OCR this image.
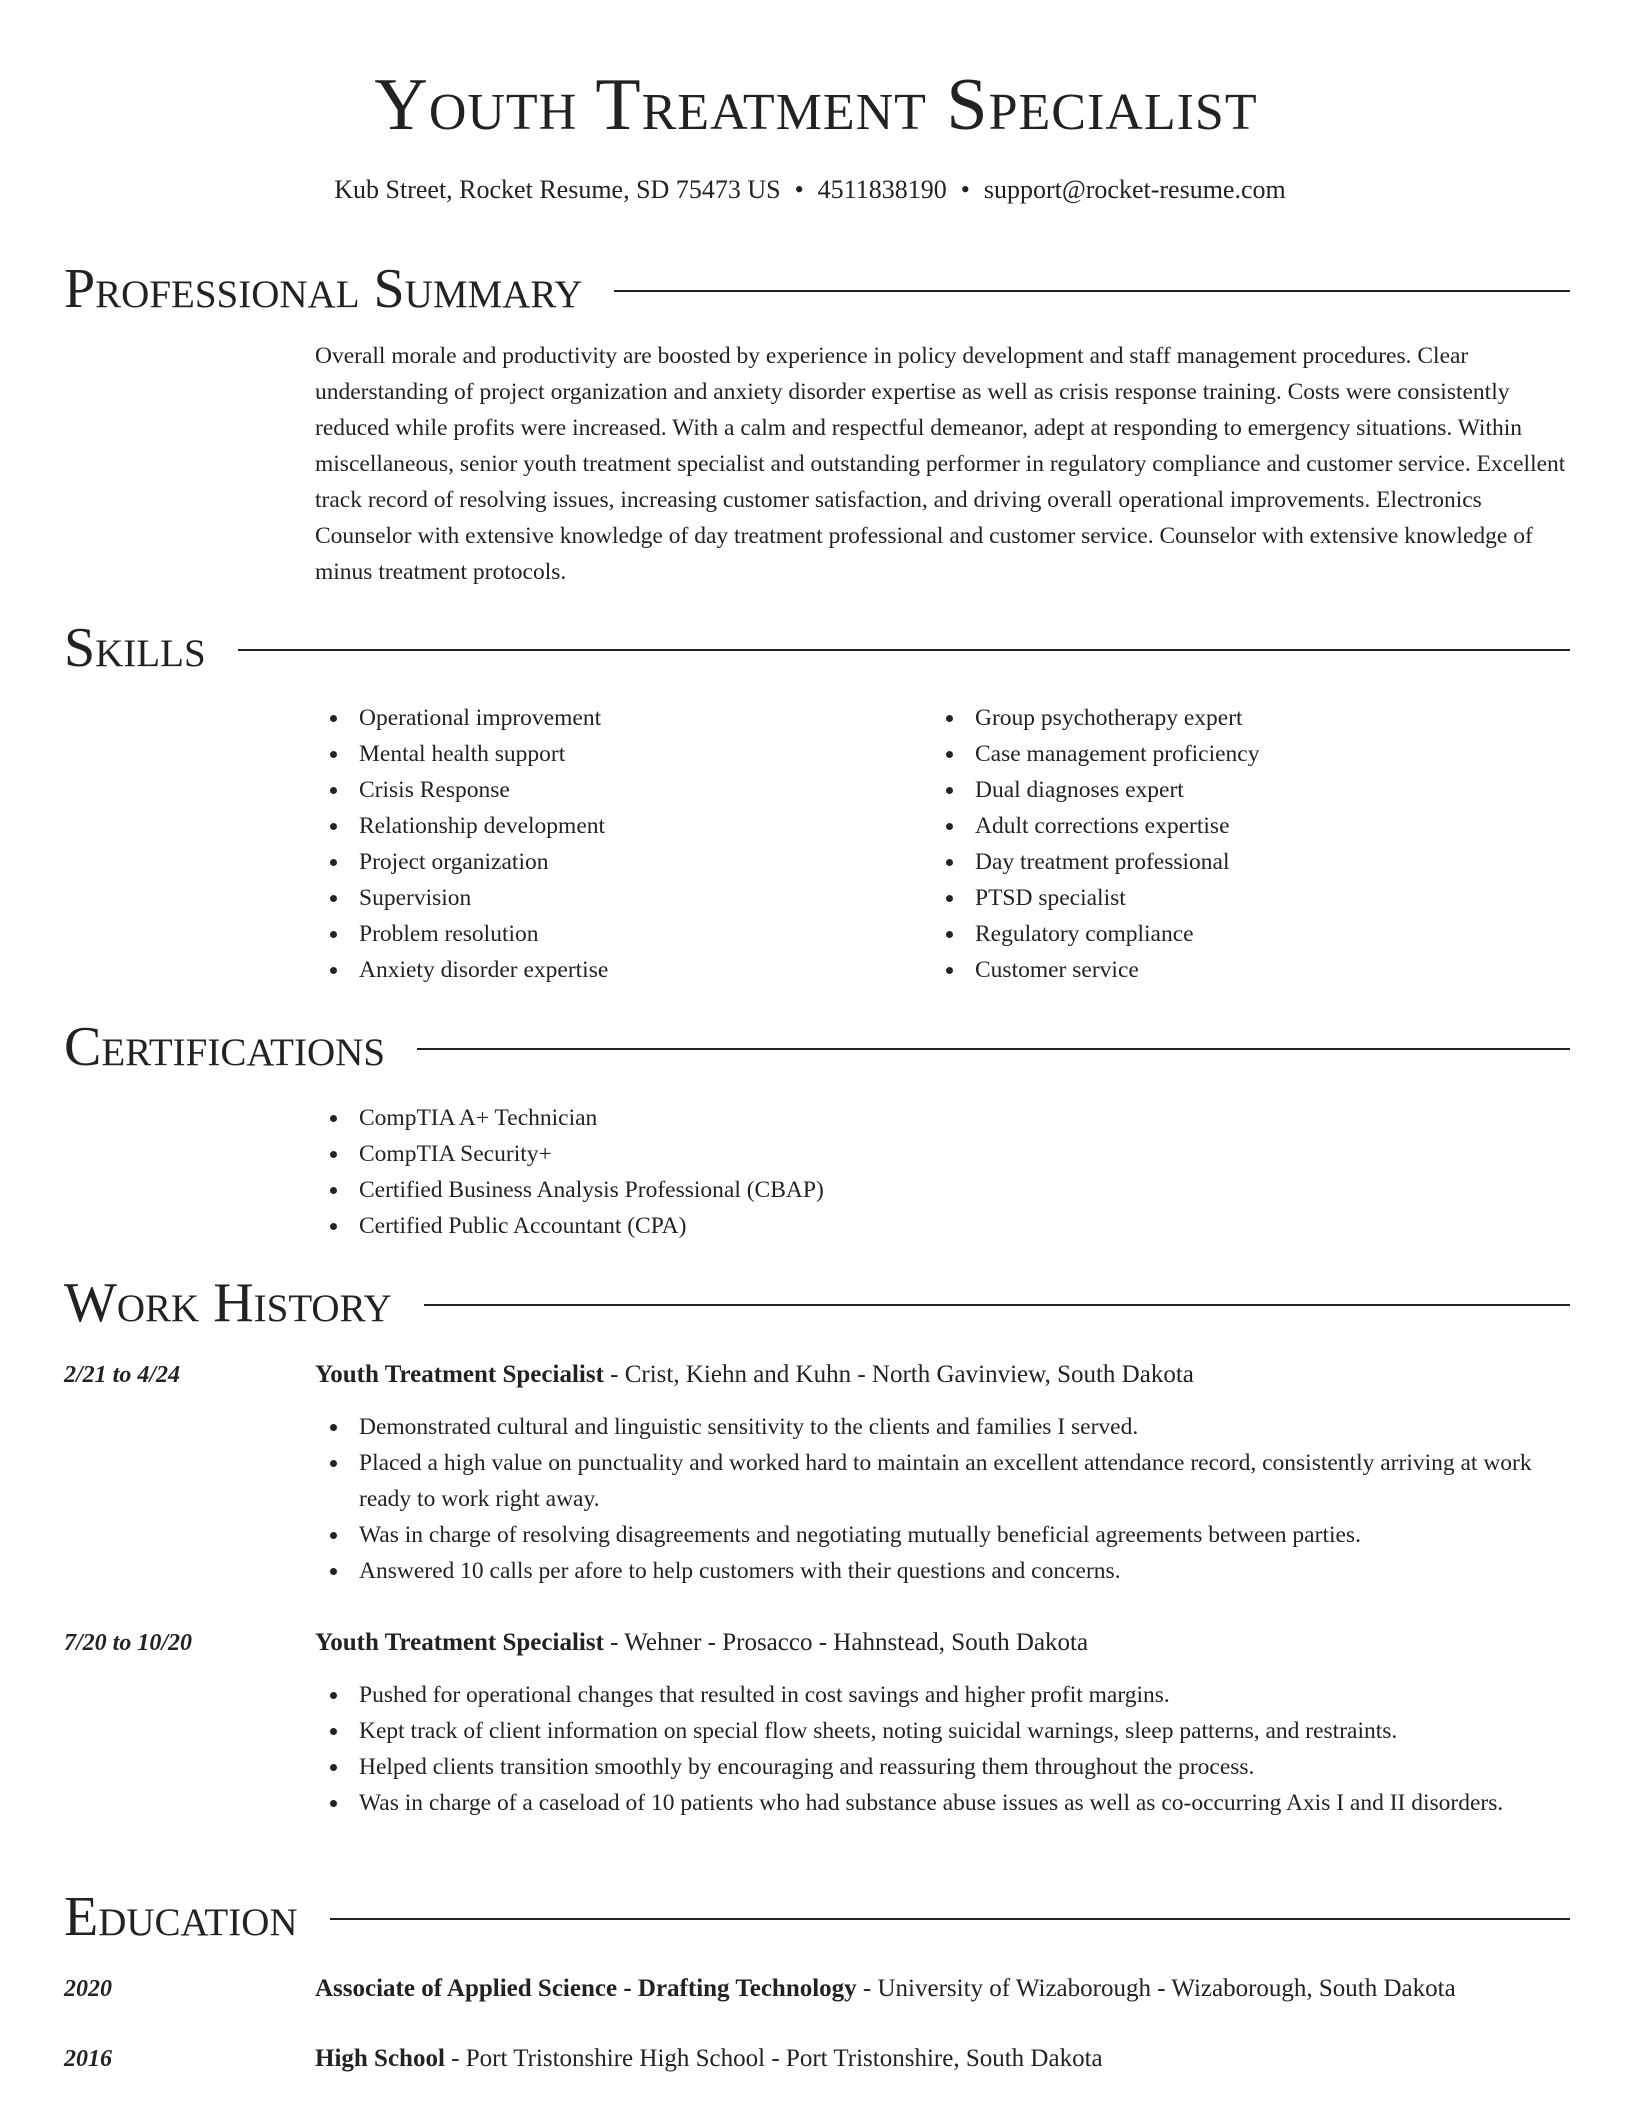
Youth Treatment Specialist
Kub Street, Rocket Resume, SD 75473 US • 4511838190 • support@rocket-resume.com
Professional Summary

Overall morale and productivity are boosted by experience in policy development and staff management procedures. Clear understanding of project organization and anxiety disorder expertise as well as crisis response training. Costs were consistently reduced while profits were increased. With a calm and respectful demeanor, adept at responding to emergency situations. Within miscellaneous, senior youth treatment specialist and outstanding performer in regulatory compliance and customer service. Excellent track record of resolving issues, increasing customer satisfaction, and driving overall operational improvements. Electronics Counselor with extensive knowledge of day treatment professional and customer service. Counselor with extensive knowledge of minus treatment protocols.

Skills
Operational improvement
Mental health support
Crisis Response
Relationship development
Project organization
Supervision
Problem resolution
Anxiety disorder expertise
Group psychotherapy expert
Case management proficiency
Dual diagnoses expert
Adult corrections expertise
Day treatment professional
PTSD specialist
Regulatory compliance
Customer service
Certifications
CompTIA A+ Technician
CompTIA Security+
Certified Business Analysis Professional (CBAP)
Certified Public Accountant (CPA)
Work History
2/21 to 4/24	Youth Treatment Specialist - Crist, Kiehn and Kuhn - North Gavinview, South Dakota
Demonstrated cultural and linguistic sensitivity to the clients and families I served.
Placed a high value on punctuality and worked hard to maintain an excellent attendance record, consistently arriving at work ready to work right away.
Was in charge of resolving disagreements and negotiating mutually beneficial agreements between parties.
Answered 10 calls per afore to help customers with their questions and concerns.
7/20 to 10/20	Youth Treatment Specialist - Wehner - Prosacco - Hahnstead, South Dakota
Pushed for operational changes that resulted in cost savings and higher profit margins.
Kept track of client information on special flow sheets, noting suicidal warnings, sleep patterns, and restraints.
Helped clients transition smoothly by encouraging and reassuring them throughout the process.
Was in charge of a caseload of 10 patients who had substance abuse issues as well as co-occurring Axis I and II disorders.
Education
2020	Associate of Applied Science - Drafting Technology - University of Wizaborough - Wizaborough, South Dakota
2016	High School - Port Tristonshire High School - Port Tristonshire, South Dakota
